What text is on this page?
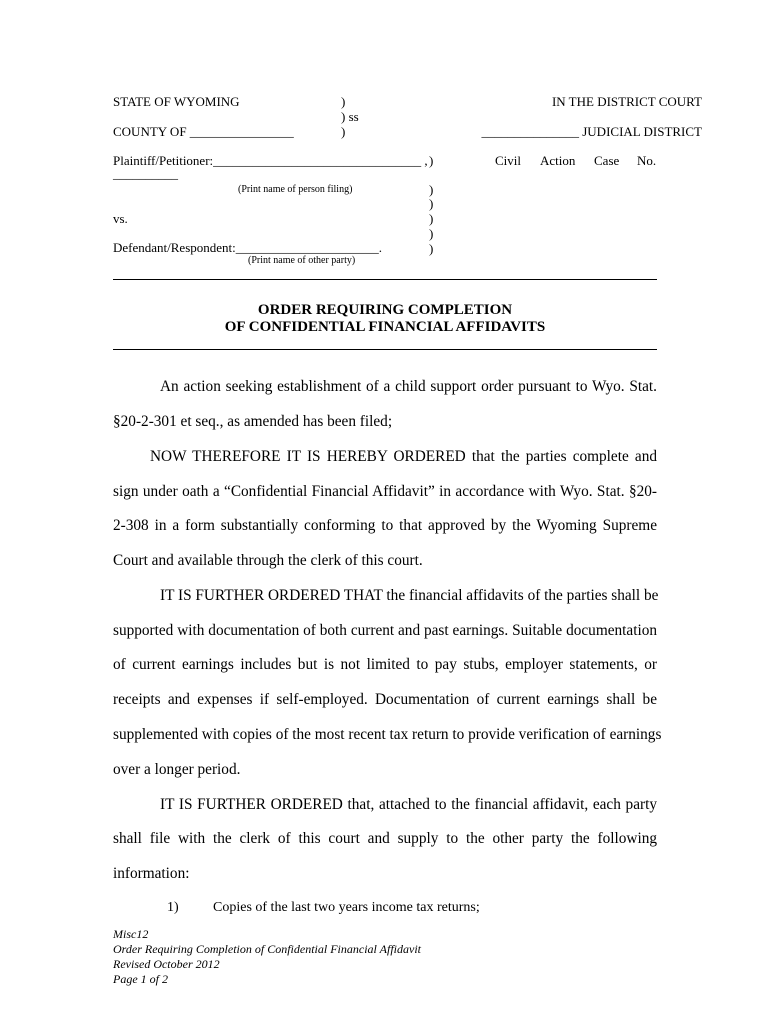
STATE OF WYOMING	)
) ss
)
COUNTY OF ________________
IN THE DISTRICT COURT
_______________ JUDICIAL DISTRICT
Plaintiff/Petitioner:________________________________ , )	Civil Action Case No.
__________
(Print name of person filing)	)
)
)
)
)
vs.
Defendant/Respondent:______________________.
(Print name of other party)
ORDER REQUIRING COMPLETION
OF CONFIDENTIAL FINANCIAL AFFIDAVITS
An action seeking establishment of a child support order pursuant to Wyo. Stat.
§20-2-301 et seq., as amended has been filed;
NOW THEREFORE IT IS HEREBY ORDERED that the parties complete and
sign under oath a “Confidential Financial Affidavit” in accordance with Wyo. Stat. §20-
2-308 in a form substantially conforming to that approved by the Wyoming Supreme
Court and available through the clerk of this court.
IT IS FURTHER ORDERED THAT the financial affidavits of the parties shall be
supported with documentation of both current and past earnings. Suitable documentation
of current earnings includes but is not limited to pay stubs, employer statements, or
receipts and expenses if self-employed. Documentation of current earnings shall be
supplemented with copies of the most recent tax return to provide verification of earnings
over a longer period.
IT IS FURTHER ORDERED that, attached to the financial affidavit, each party
shall file with the clerk of this court and supply to the other party the following
information:
1) Copies of the last two years income tax returns;
Misc12
Order Requiring Completion of Confidential Financial Affidavit
Revised October 2012
Page 1 of 2
